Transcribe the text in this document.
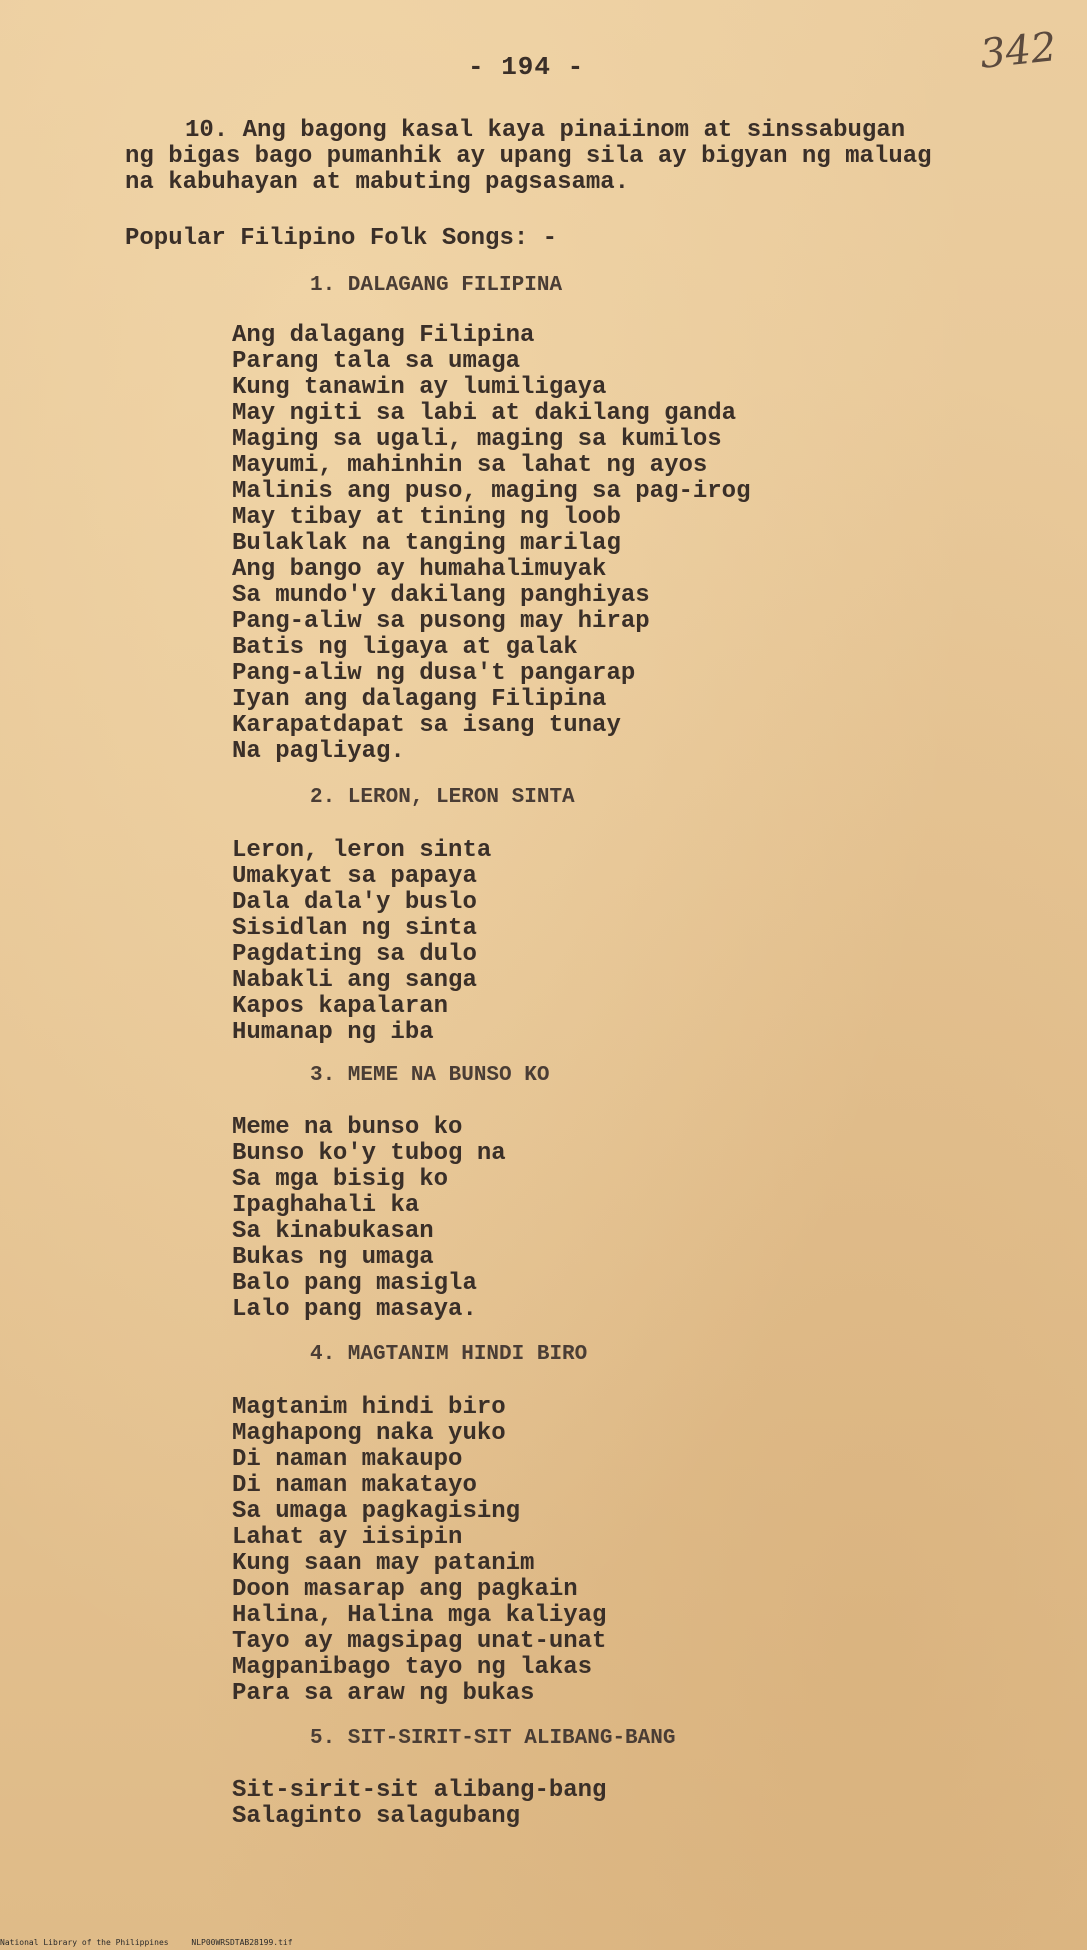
- 194 -	342
10. Ang bagong kasal kaya pinaiinom at sinssabugan
ng bigas bago pumanhik ay upang sila ay bigyan ng maluag
na kabuhayan at mabuting pagsasama.
Popular Filipino Folk Songs: -
1. DALAGANG FILIPINA
Ang dalagang Filipina
Parang tala sa umaga
Kung tanawin ay lumiligaya
May ngiti sa labi at dakilang ganda
Maging sa ugali, maging sa kumilos
Mayumi, mahinhin sa lahat ng ayos
Malinis ang puso, maging sa pag-irog
May tibay at tining ng loob
Bulaklak na tanging marilag
Ang bango ay humahalimuyak
Sa mundo'y dakilang panghiyas
Pang-aliw sa pusong may hirap
Batis ng ligaya at galak
Pang-aliw ng dusa't pangarap
Iyan ang dalagang Filipina
Karapatdapat sa isang tunay
Na pagliyag.
2. LERON, LERON SINTA
Leron, leron sinta
Umakyat sa papaya
Dala dala'y buslo
Sisidlan ng sinta
Pagdating sa dulo
Nabakli ang sanga
Kapos kapalaran
Humanap ng iba
3. MEME NA BUNSO KO
Meme na bunso ko
Bunso ko'y tubog na
Sa mga bisig ko
Ipaghahali ka
Sa kinabukasan
Bukas ng umaga
Balo pang masigla
Lalo pang masaya.
4. MAGTANIM HINDI BIRO
Magtanim hindi biro
Maghapong naka yuko
Di naman makaupo
Di naman makatayo
Sa umaga pagkagising
Lahat ay iisipin
Kung saan may patanim
Doon masarap ang pagkain
Halina, Halina mga kaliyag
Tayo ay magsipag unat-unat
Magpanibago tayo ng lakas
Para sa araw ng bukas
5. SIT-SIRIT-SIT ALIBANG-BANG
Sit-sirit-sit alibang-bang
Salaginto salagubang
National Library of the Philippines	NLP00WRSDTAB28199.tif
